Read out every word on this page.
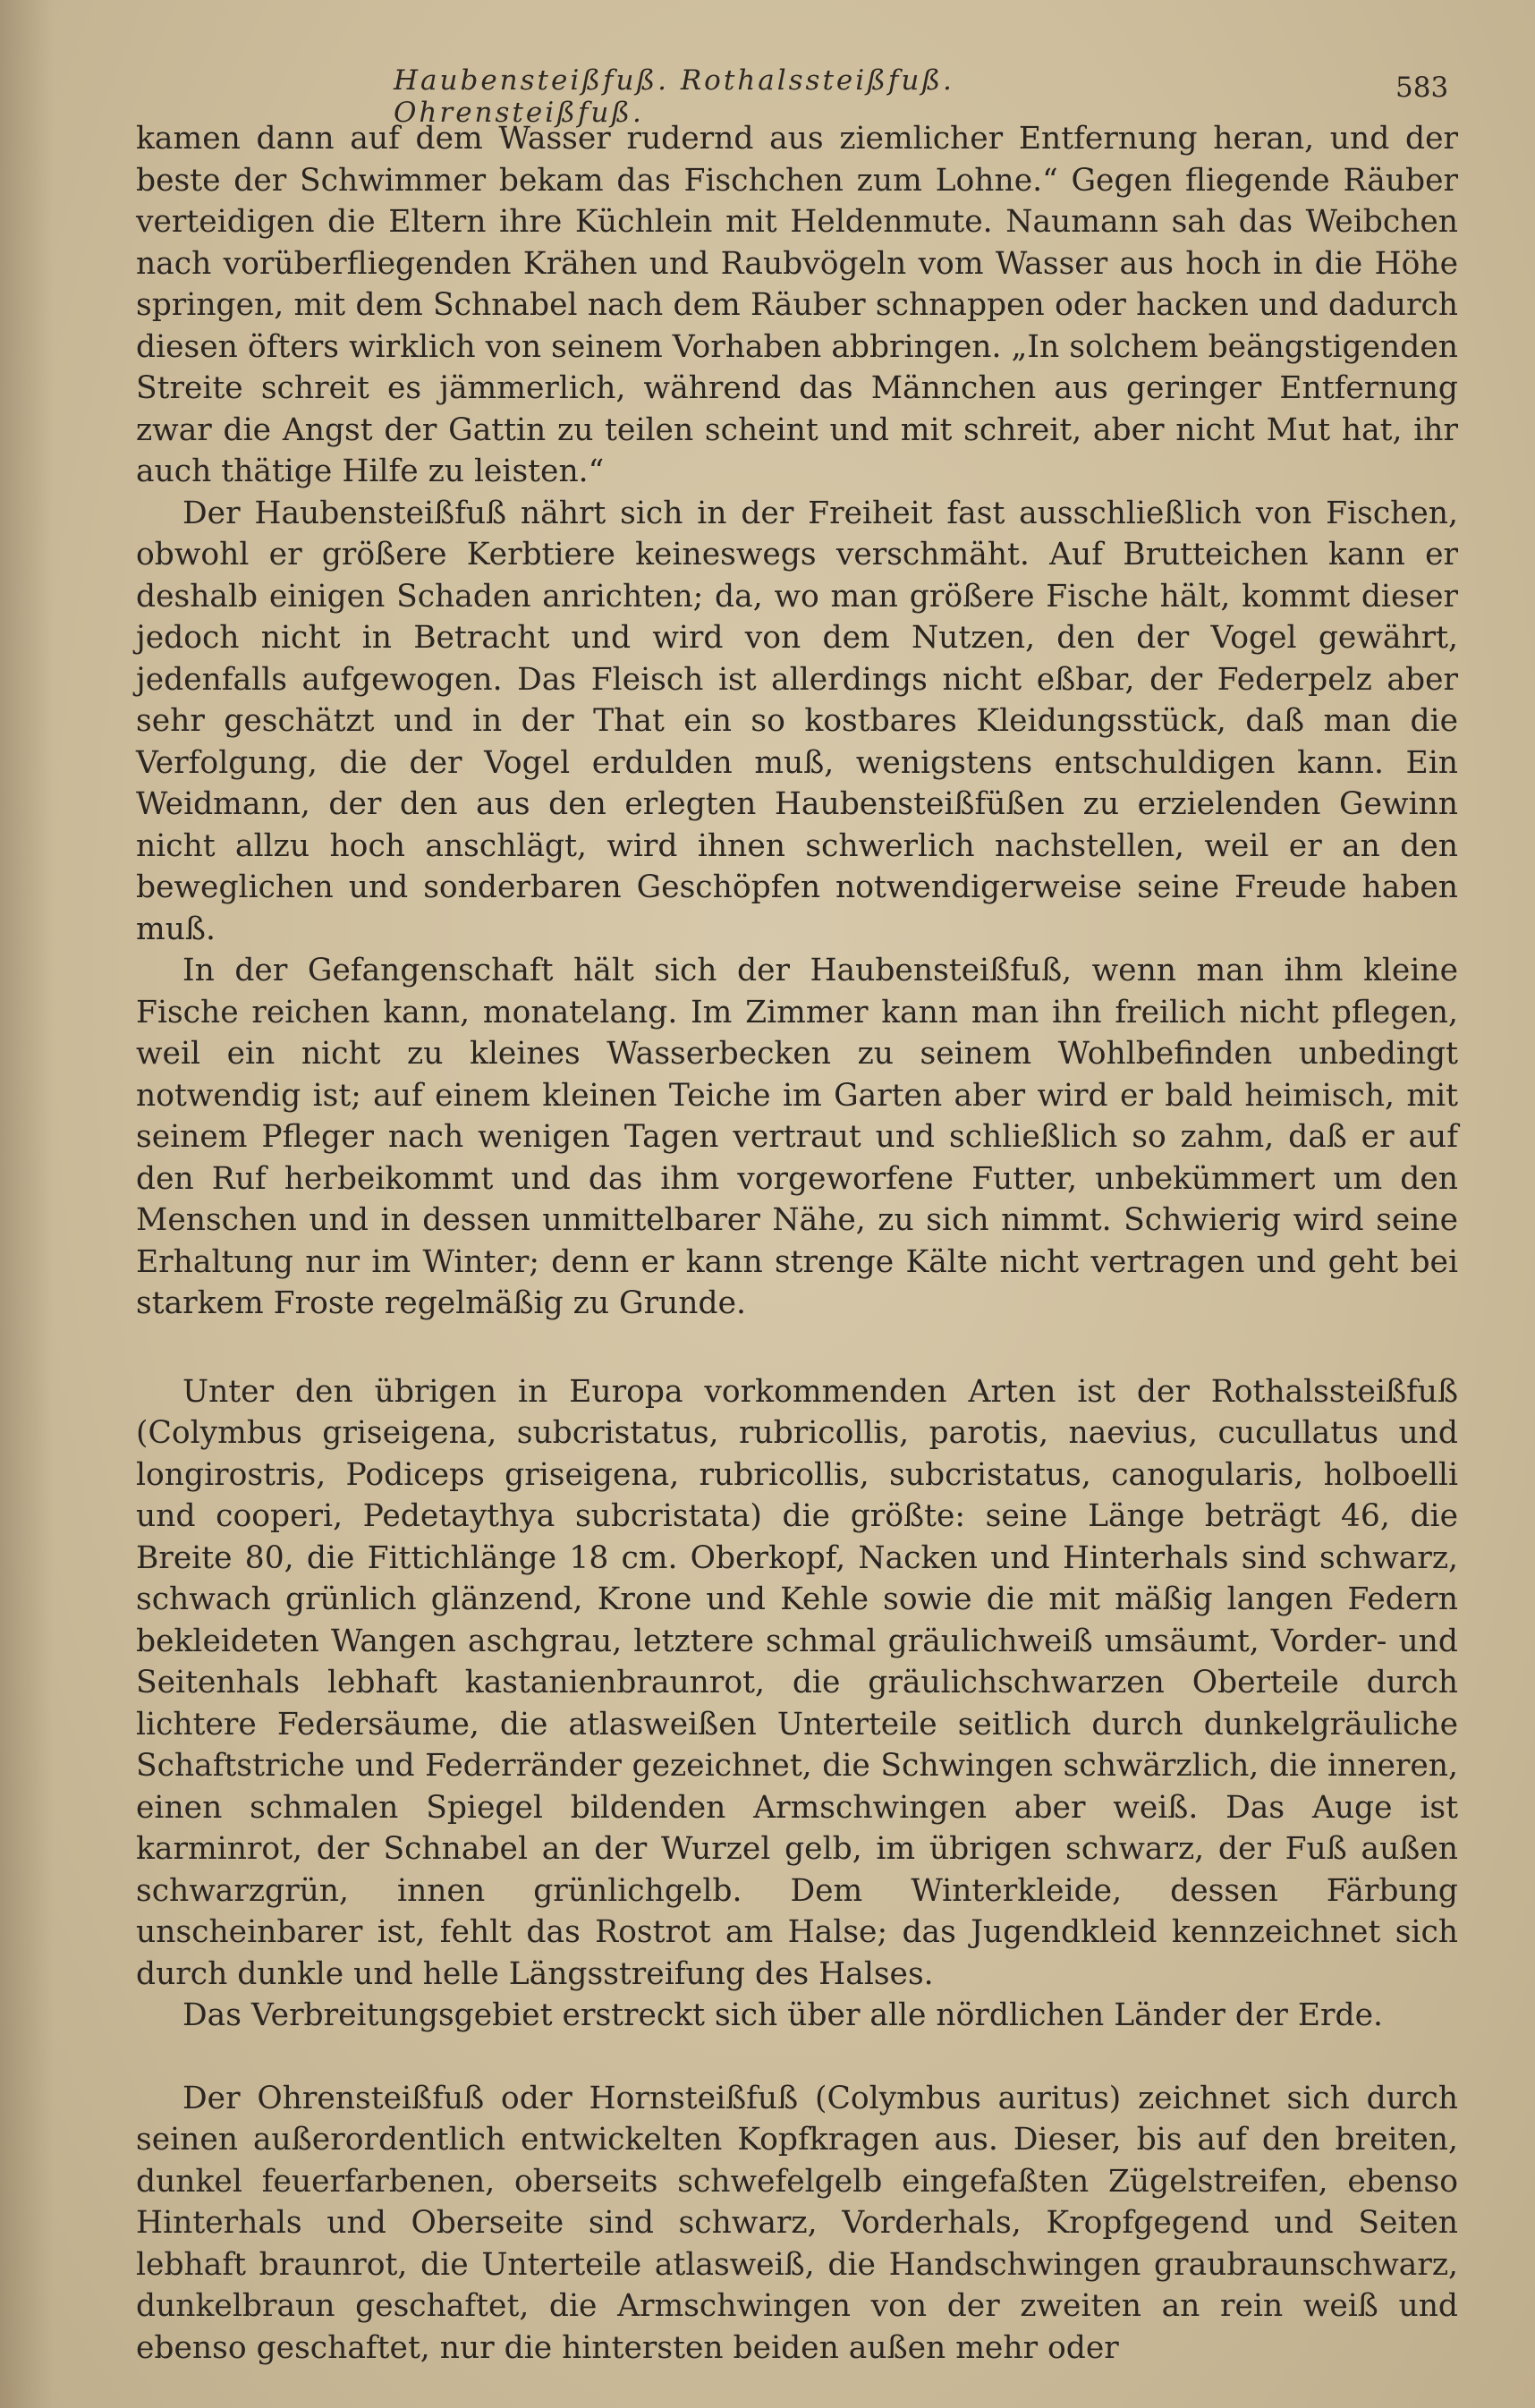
Haubensteißfuß. Rothalssteißfuß. Ohrensteißfuß.
583

kamen dann auf dem Wasser rudernd aus ziemlicher Entfernung heran, und der beste der Schwimmer bekam das Fischchen zum Lohne.“ Gegen fliegende Räuber verteidigen die Eltern ihre Küchlein mit Heldenmute. Naumann sah das Weibchen nach vorüberfliegenden Krähen und Raubvögeln vom Wasser aus hoch in die Höhe springen, mit dem Schnabel nach dem Räuber schnappen oder hacken und dadurch diesen öfters wirklich von seinem Vorhaben abbringen. „In solchem beängstigenden Streite schreit es jämmerlich, während das Männchen aus geringer Entfernung zwar die Angst der Gattin zu teilen scheint und mit schreit, aber nicht Mut hat, ihr auch thätige Hilfe zu leisten.“

Der Haubensteißfuß nährt sich in der Freiheit fast ausschließlich von Fischen, obwohl er größere Kerbtiere keineswegs verschmäht. Auf Brutteichen kann er deshalb einigen Schaden anrichten; da, wo man größere Fische hält, kommt dieser jedoch nicht in Betracht und wird von dem Nutzen, den der Vogel gewährt, jedenfalls aufgewogen. Das Fleisch ist allerdings nicht eßbar, der Federpelz aber sehr geschätzt und in der That ein so kostbares Kleidungsstück, daß man die Verfolgung, die der Vogel erdulden muß, wenigstens entschuldigen kann. Ein Weidmann, der den aus den erlegten Haubensteißfüßen zu erzielenden Gewinn nicht allzu hoch anschlägt, wird ihnen schwerlich nachstellen, weil er an den beweglichen und sonderbaren Geschöpfen notwendigerweise seine Freude haben muß.

In der Gefangenschaft hält sich der Haubensteißfuß, wenn man ihm kleine Fische reichen kann, monatelang. Im Zimmer kann man ihn freilich nicht pflegen, weil ein nicht zu kleines Wasserbecken zu seinem Wohlbefinden unbedingt notwendig ist; auf einem kleinen Teiche im Garten aber wird er bald heimisch, mit seinem Pfleger nach wenigen Tagen vertraut und schließlich so zahm, daß er auf den Ruf herbeikommt und das ihm vorgeworfene Futter, unbekümmert um den Menschen und in dessen unmittelbarer Nähe, zu sich nimmt. Schwierig wird seine Erhaltung nur im Winter; denn er kann strenge Kälte nicht vertragen und geht bei starkem Froste regelmäßig zu Grunde.

Unter den übrigen in Europa vorkommenden Arten ist der Rothalssteißfuß (Colymbus griseigena, subcristatus, rubricollis, parotis, naevius, cucullatus und longirostris, Podiceps griseigena, rubricollis, subcristatus, canogularis, holboelli und cooperi, Pedetaythya subcristata) die größte: seine Länge beträgt 46, die Breite 80, die Fittichlänge 18 cm. Oberkopf, Nacken und Hinterhals sind schwarz, schwach grünlich glänzend, Krone und Kehle sowie die mit mäßig langen Federn bekleideten Wangen aschgrau, letztere schmal gräulichweiß umsäumt, Vorder- und Seitenhals lebhaft kastanienbraunrot, die gräulichschwarzen Oberteile durch lichtere Federsäume, die atlasweißen Unterteile seitlich durch dunkelgräuliche Schaftstriche und Federränder gezeichnet, die Schwingen schwärzlich, die inneren, einen schmalen Spiegel bildenden Armschwingen aber weiß. Das Auge ist karminrot, der Schnabel an der Wurzel gelb, im übrigen schwarz, der Fuß außen schwarzgrün, innen grünlichgelb. Dem Winterkleide, dessen Färbung unscheinbarer ist, fehlt das Rostrot am Halse; das Jugendkleid kennzeichnet sich durch dunkle und helle Längsstreifung des Halses.

Das Verbreitungsgebiet erstreckt sich über alle nördlichen Länder der Erde.

Der Ohrensteißfuß oder Hornsteißfuß (Colymbus auritus) zeichnet sich durch seinen außerordentlich entwickelten Kopfkragen aus. Dieser, bis auf den breiten, dunkel feuerfarbenen, oberseits schwefelgelb eingefaßten Zügelstreifen, ebenso Hinterhals und Oberseite sind schwarz, Vorderhals, Kropfgegend und Seiten lebhaft braunrot, die Unterteile atlasweiß, die Handschwingen graubraunschwarz, dunkelbraun geschaftet, die Armschwingen von der zweiten an rein weiß und ebenso geschaftet, nur die hintersten beiden außen mehr oder
